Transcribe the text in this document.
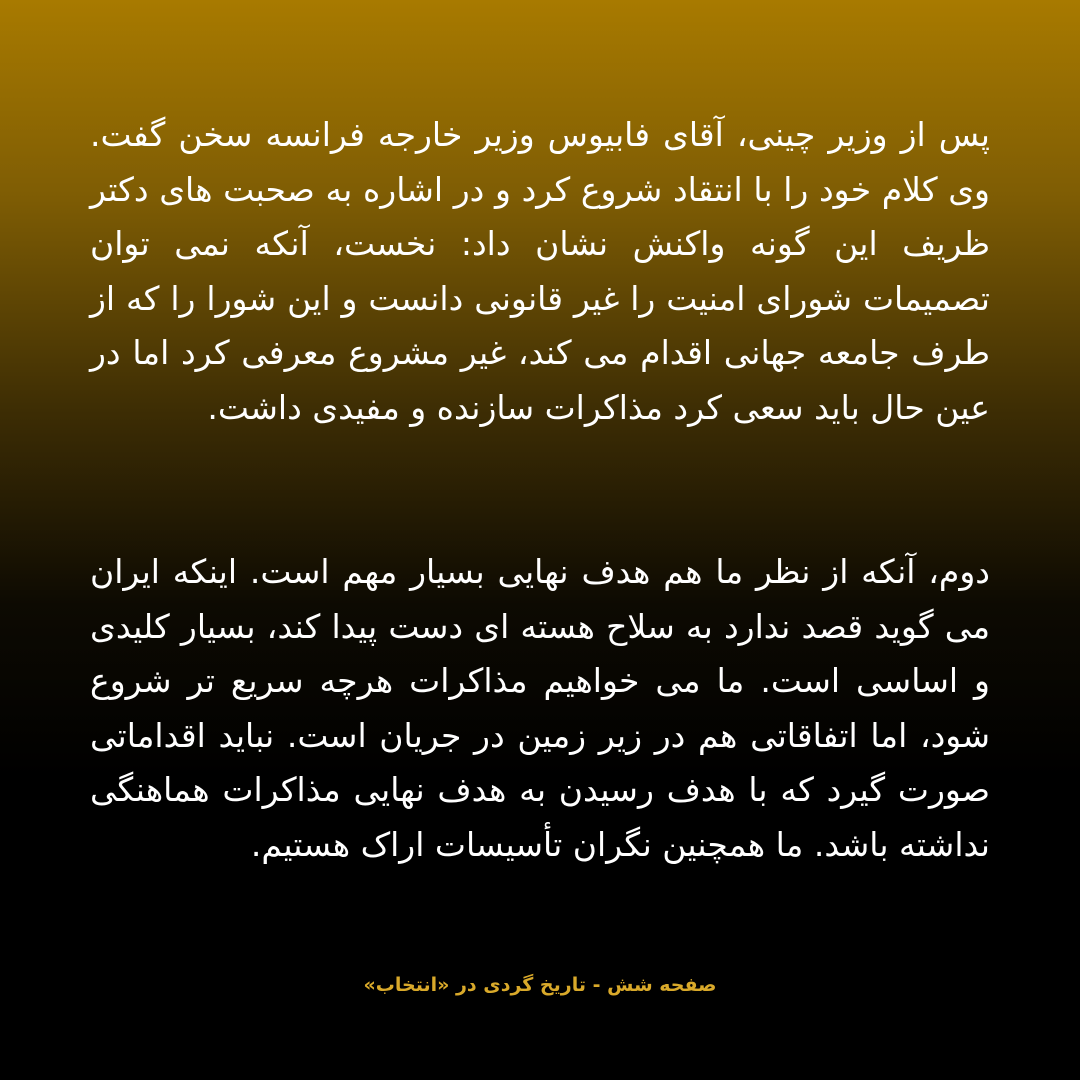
پس از وزیر چینی، آقای فابیوس وزیر خارجه فرانسه سخن گفت. وی کلام خود را با انتقاد شروع کرد و در اشاره به صحبت های دکتر ظریف این گونه واکنش نشان داد: نخست، آنکه نمی توان تصمیمات شورای امنیت را غیر قانونی دانست و این شورا را که از طرف جامعه جهانی اقدام می کند، غیر مشروع معرفی کرد اما در عین حال باید سعی کرد مذاکرات سازنده و مفیدی داشت.

دوم، آنکه از نظر ما هم هدف نهایی بسیار مهم است. اینکه ایران می گوید قصد ندارد به سلاح هسته ای دست پیدا کند، بسیار کلیدی و اساسی است. ما می خواهیم مذاکرات هرچه سریع تر شروع شود، اما اتفاقاتی هم در زیر زمین در جریان است. نباید اقداماتی صورت گیرد که با هدف رسیدن به هدف نهایی مذاکرات هماهنگی نداشته باشد. ما همچنین نگران تأسیسات اراک هستیم.

صفحه شش - تاریخ گردی در «انتخاب»
